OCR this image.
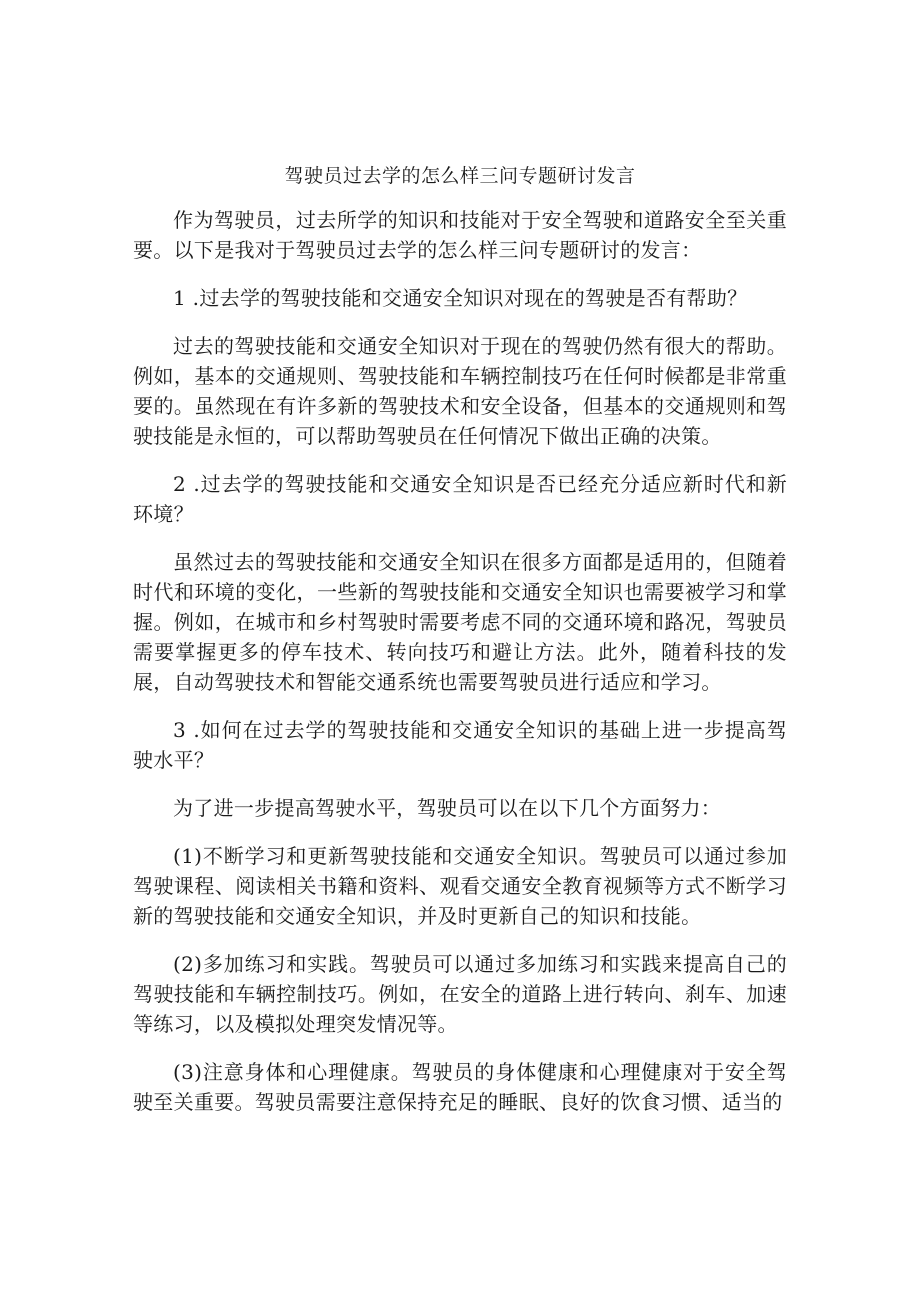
驾驶员过去学的怎么样三问专题研讨发言

作为驾驶员，过去所学的知识和技能对于安全驾驶和道路安全至关重要。以下是我对于驾驶员过去学的怎么样三问专题研讨的发言：

1 .过去学的驾驶技能和交通安全知识对现在的驾驶是否有帮助？

过去的驾驶技能和交通安全知识对于现在的驾驶仍然有很大的帮助。例如，基本的交通规则、驾驶技能和车辆控制技巧在任何时候都是非常重要的。虽然现在有许多新的驾驶技术和安全设备，但基本的交通规则和驾驶技能是永恒的，可以帮助驾驶员在任何情况下做出正确的决策。

2 .过去学的驾驶技能和交通安全知识是否已经充分适应新时代和新环境？

虽然过去的驾驶技能和交通安全知识在很多方面都是适用的，但随着时代和环境的变化，一些新的驾驶技能和交通安全知识也需要被学习和掌握。例如，在城市和乡村驾驶时需要考虑不同的交通环境和路况，驾驶员需要掌握更多的停车技术、转向技巧和避让方法。此外，随着科技的发展，自动驾驶技术和智能交通系统也需要驾驶员进行适应和学习。

3 .如何在过去学的驾驶技能和交通安全知识的基础上进一步提高驾驶水平？

为了进一步提高驾驶水平，驾驶员可以在以下几个方面努力：

(1)不断学习和更新驾驶技能和交通安全知识。驾驶员可以通过参加驾驶课程、阅读相关书籍和资料、观看交通安全教育视频等方式不断学习新的驾驶技能和交通安全知识，并及时更新自己的知识和技能。

(2)多加练习和实践。驾驶员可以通过多加练习和实践来提高自己的驾驶技能和车辆控制技巧。例如，在安全的道路上进行转向、刹车、加速等练习，以及模拟处理突发情况等。

(3)注意身体和心理健康。驾驶员的身体健康和心理健康对于安全驾驶至关重要。驾驶员需要注意保持充足的睡眠、良好的饮食习惯、适当的
